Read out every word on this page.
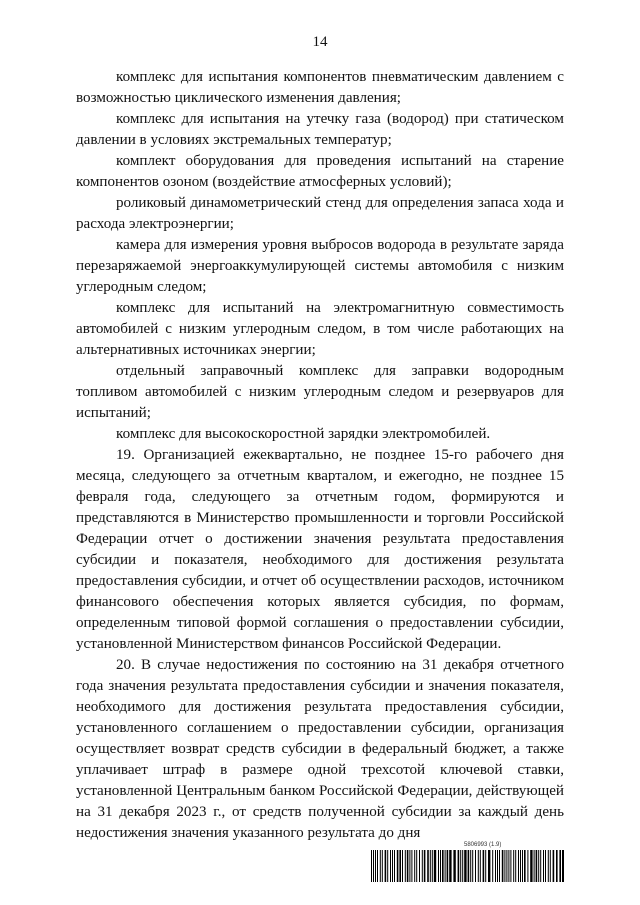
14

комплекс для испытания компонентов пневматическим давлением с возможностью циклического изменения давления;

комплекс для испытания на утечку газа (водород) при статическом давлении в условиях экстремальных температур;

комплект оборудования для проведения испытаний на старение компонентов озоном (воздействие атмосферных условий);

роликовый динамометрический стенд для определения запаса хода и расхода электроэнергии;

камера для измерения уровня выбросов водорода в результате заряда перезаряжаемой энергоаккумулирующей системы автомобиля с низким углеродным следом;

комплекс для испытаний на электромагнитную совместимость автомобилей с низким углеродным следом, в том числе работающих на альтернативных источниках энергии;

отдельный заправочный комплекс для заправки водородным топливом автомобилей с низким углеродным следом и резервуаров для испытаний;

комплекс для высокоскоростной зарядки электромобилей.

19. Организацией ежеквартально, не позднее 15-го рабочего дня месяца, следующего за отчетным кварталом, и ежегодно, не позднее 15 февраля года, следующего за отчетным годом, формируются и представляются в Министерство промышленности и торговли Российской Федерации отчет о достижении значения результата предоставления субсидии и показателя, необходимого для достижения результата предоставления субсидии, и отчет об осуществлении расходов, источником финансового обеспечения которых является субсидия, по формам, определенным типовой формой соглашения о предоставлении субсидии, установленной Министерством финансов Российской Федерации.

20. В случае недостижения по состоянию на 31 декабря отчетного года значения результата предоставления субсидии и значения показателя, необходимого для достижения результата предоставления субсидии, установленного соглашением о предоставлении субсидии, организация осуществляет возврат средств субсидии в федеральный бюджет, а также уплачивает штраф в размере одной трехсотой ключевой ставки, установленной Центральным банком Российской Федерации, действующей на 31 декабря 2023 г., от средств полученной субсидии за каждый день недостижения значения указанного результата до дня

5806993 (1.9)
